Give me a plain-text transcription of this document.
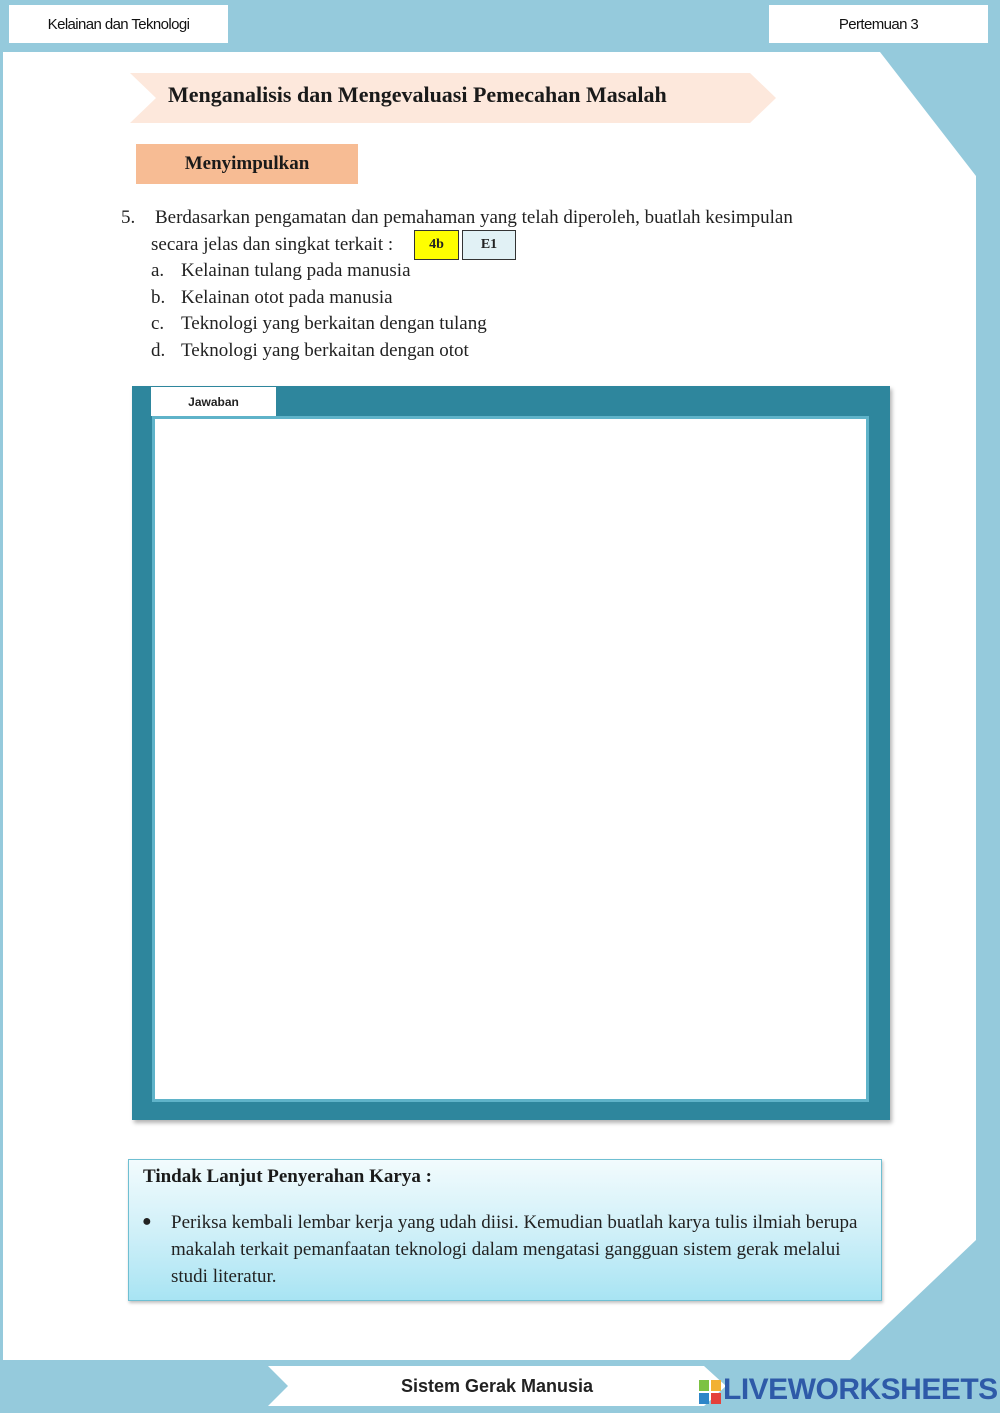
Kelainan dan Teknologi	Pertemuan 3
Menganalisis dan Mengevaluasi Pemecahan Masalah
Menyimpulkan
5. Berdasarkan pengamatan dan pemahaman yang telah diperoleh, buatlah kesimpulan
secara jelas dan singkat terkait :	4b	E1
a. Kelainan tulang pada manusia
b. Kelainan otot pada manusia
c. Teknologi yang berkaitan dengan tulang
d. Teknologi yang berkaitan dengan otot
Jawaban
Tindak Lanjut Penyerahan Karya :
● Periksa kembali lembar kerja yang udah diisi. Kemudian buatlah karya tulis ilmiah berupa makalah terkait pemanfaatan teknologi dalam mengatasi gangguan sistem gerak melalui studi literatur.
Sistem Gerak Manusia	LIVEWORKSHEETS
